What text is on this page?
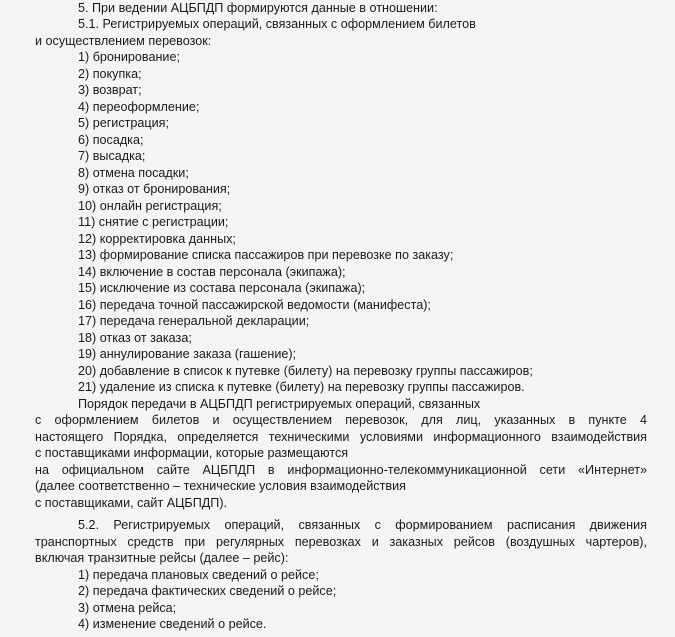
5. При ведении АЦБПДП формируются данные в отношении:
5.1. Регистрируемых операций, связанных с оформлением билетов
и осуществлением перевозок:
1) бронирование;
2) покупка;
3) возврат;
4) переоформление;
5) регистрация;
6) посадка;
7) высадка;
8) отмена посадки;
9) отказ от бронирования;
10) онлайн регистрация;
11) снятие с регистрации;
12) корректировка данных;
13) формирование списка пассажиров при перевозке по заказу;
14) включение в состав персонала (экипажа);
15) исключение из состава персонала (экипажа);
16) передача точной пассажирской ведомости (манифеста);
17) передача генеральной декларации;
18) отказ от заказа;
19) аннулирование заказа (гашение);
20) добавление в список к путевке (билету) на перевозку группы пассажиров;
21) удаление из списка к путевке (билету) на перевозку группы пассажиров.
Порядок передачи в АЦБПДП регистрируемых операций, связанных
с оформлением билетов и осуществлением перевозок, для лиц, указанных в пункте 4
настоящего Порядка, определяется техническими условиями информационного взаимодействия
с поставщиками информации, которые размещаются
на официальном сайте АЦБПДП в информационно-телекоммуникационной сети «Интернет»
(далее соответственно – технические условия взаимодействия
с поставщиками, сайт АЦБПДП).
5.2. Регистрируемых операций, связанных с формированием расписания движения
транспортных средств при регулярных перевозках и заказных рейсов (воздушных чартеров),
включая транзитные рейсы (далее – рейс):
1) передача плановых сведений о рейсе;
2) передача фактических сведений о рейсе;
3) отмена рейса;
4) изменение сведений о рейсе.
